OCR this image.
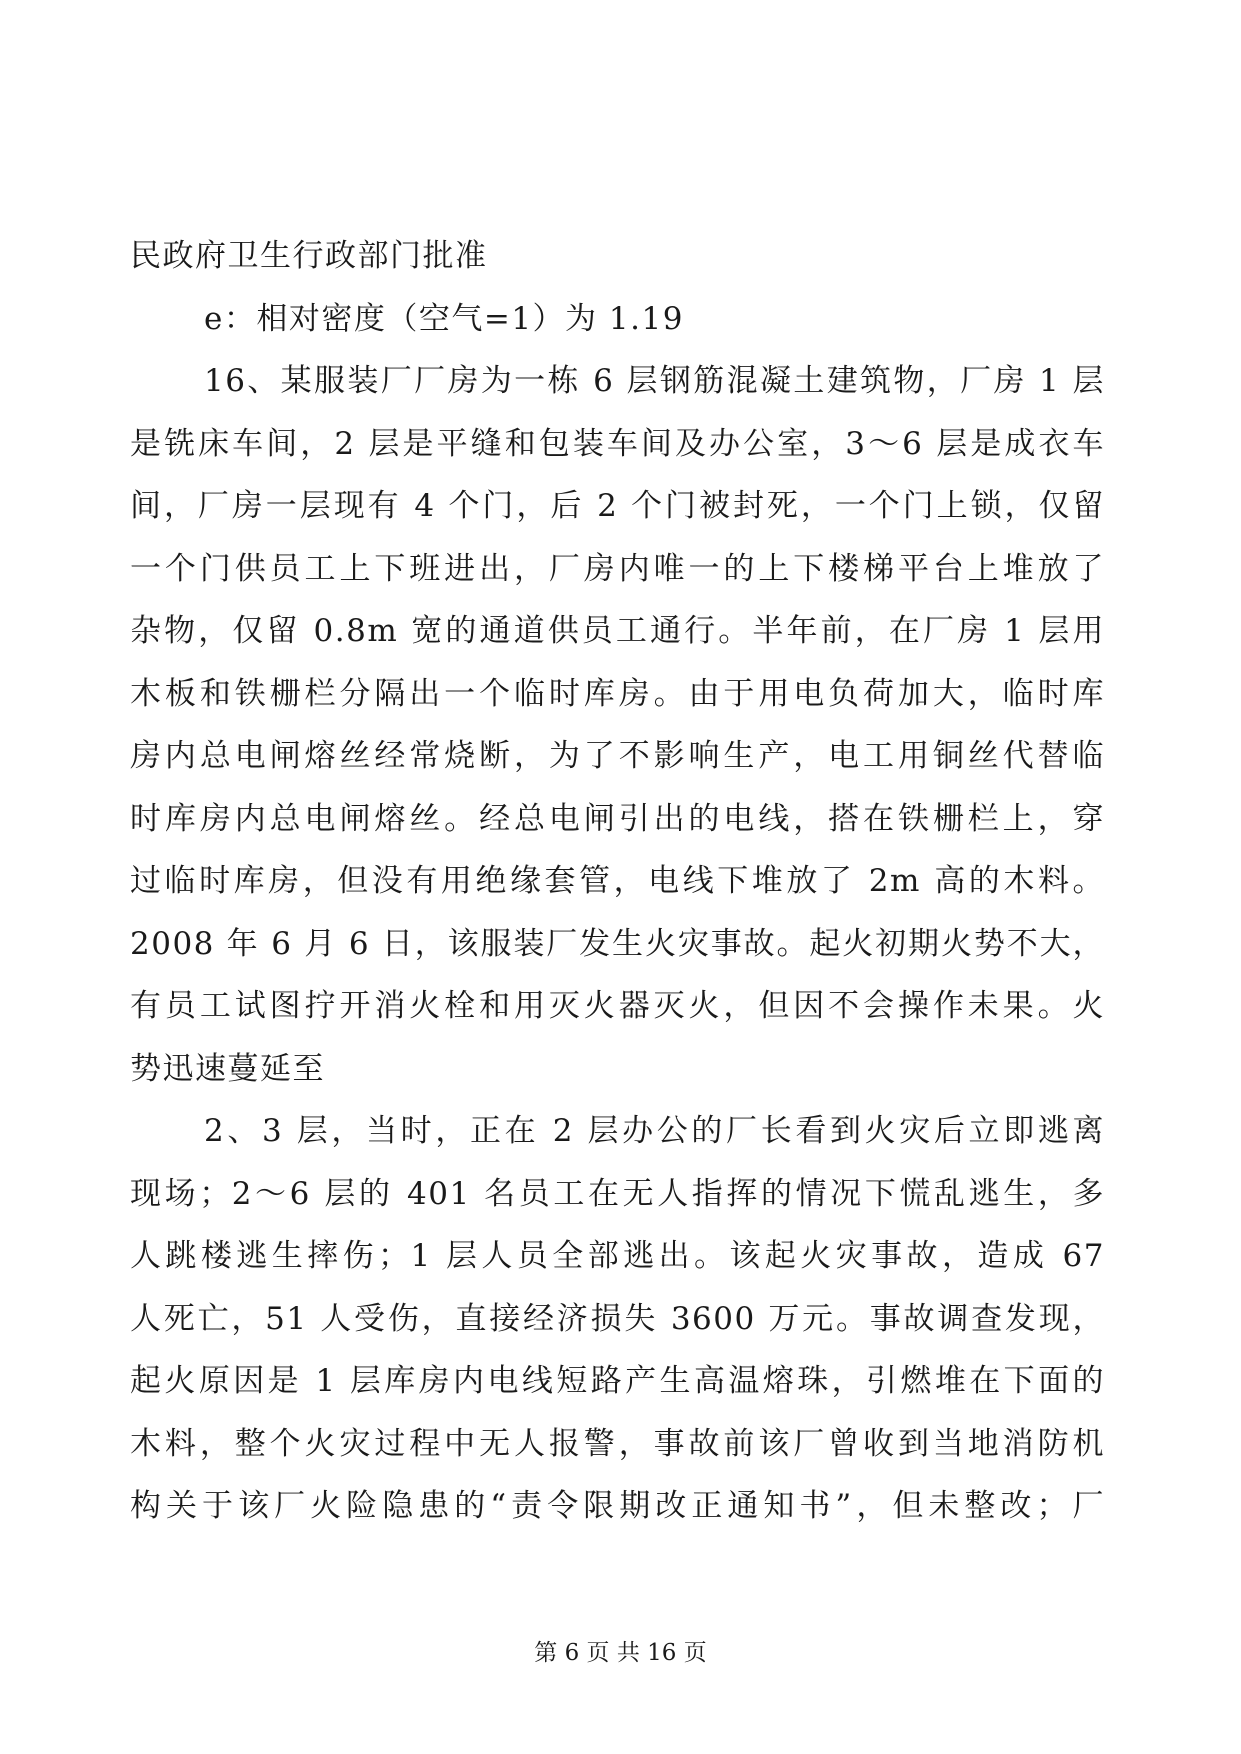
民政府卫生行政部门批准
e：相对密度（空气=1）为 1.19
16、某服装厂厂房为一栋 6 层钢筋混凝土建筑物，厂房 1 层
是铣床车间，2 层是平缝和包装车间及办公室，3～6 层是成衣车
间，厂房一层现有 4 个门，后 2 个门被封死，一个门上锁，仅留
一个门供员工上下班进出，厂房内唯一的上下楼梯平台上堆放了
杂物，仅留 0.8m 宽的通道供员工通行。半年前，在厂房 1 层用
木板和铁栅栏分隔出一个临时库房。由于用电负荷加大，临时库
房内总电闸熔丝经常烧断，为了不影响生产，电工用铜丝代替临
时库房内总电闸熔丝。经总电闸引出的电线，搭在铁栅栏上，穿
过临时库房，但没有用绝缘套管，电线下堆放了 2m 高的木料。
2008 年 6 月 6 日，该服装厂发生火灾事故。起火初期火势不大，
有员工试图拧开消火栓和用灭火器灭火，但因不会操作未果。火
势迅速蔓延至
2、3 层，当时，正在 2 层办公的厂长看到火灾后立即逃离
现场；2～6 层的 401 名员工在无人指挥的情况下慌乱逃生，多
人跳楼逃生摔伤；1 层人员全部逃出。该起火灾事故，造成 67
人死亡，51 人受伤，直接经济损失 3600 万元。事故调查发现，
起火原因是 1 层库房内电线短路产生高温熔珠，引燃堆在下面的
木料，整个火灾过程中无人报警，事故前该厂曾收到当地消防机
构关于该厂火险隐患的“责令限期改正通知书”，但未整改；厂
第 6 页 共 16 页
